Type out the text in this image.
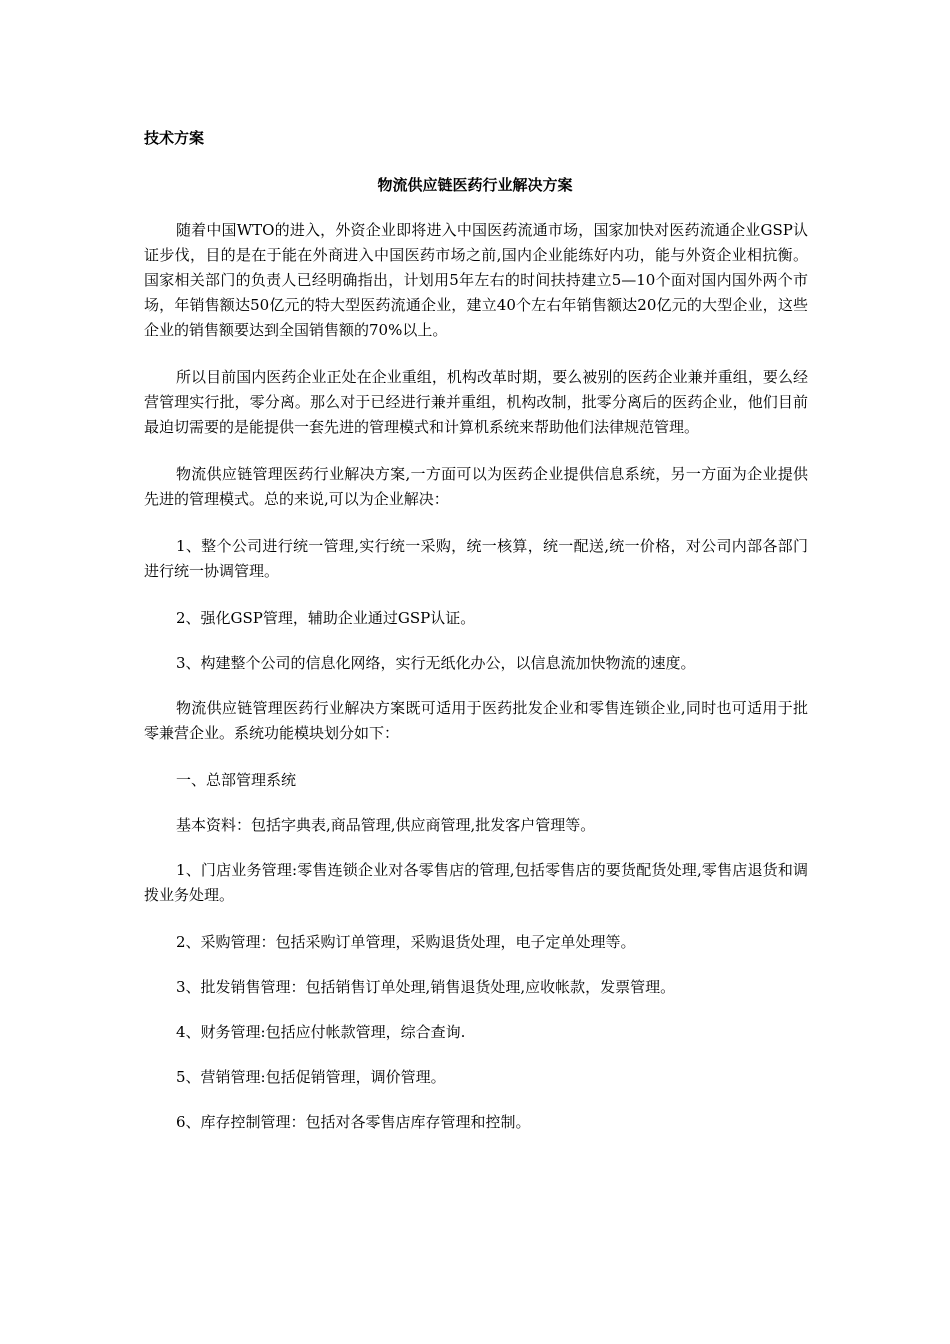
技术方案
物流供应链医药行业解决方案

随着中国WTO的进入，外资企业即将进入中国医药流通市场，国家加快对医药流通企业GSP认证步伐，目的是在于能在外商进入中国医药市场之前,国内企业能练好内功，能与外资企业相抗衡。国家相关部门的负责人已经明确指出，计划用5年左右的时间扶持建立5—10个面对国内国外两个市场，年销售额达50亿元的特大型医药流通企业，建立40个左右年销售额达20亿元的大型企业，这些企业的销售额要达到全国销售额的70%以上。

所以目前国内医药企业正处在企业重组，机构改革时期，要么被别的医药企业兼并重组，要么经营管理实行批，零分离。那么对于已经进行兼并重组，机构改制，批零分离后的医药企业，他们目前最迫切需要的是能提供一套先进的管理模式和计算机系统来帮助他们法律规范管理。

物流供应链管理医药行业解决方案,一方面可以为医药企业提供信息系统，另一方面为企业提供先进的管理模式。总的来说,可以为企业解决：

1、整个公司进行统一管理,实行统一采购，统一核算，统一配送,统一价格，对公司内部各部门进行统一协调管理。

2、强化GSP管理，辅助企业通过GSP认证。

3、构建整个公司的信息化网络，实行无纸化办公，以信息流加快物流的速度。

物流供应链管理医药行业解决方案既可适用于医药批发企业和零售连锁企业,同时也可适用于批零兼营企业。系统功能模块划分如下：

一、总部管理系统

基本资料：包括字典表,商品管理,供应商管理,批发客户管理等。

1、门店业务管理:零售连锁企业对各零售店的管理,包括零售店的要货配货处理,零售店退货和调拨业务处理。

2、采购管理：包括采购订单管理，采购退货处理，电子定单处理等。

3、批发销售管理：包括销售订单处理,销售退货处理,应收帐款，发票管理。

4、财务管理:包括应付帐款管理，综合查询.

5、营销管理:包括促销管理，调价管理。

6、库存控制管理：包括对各零售店库存管理和控制。
